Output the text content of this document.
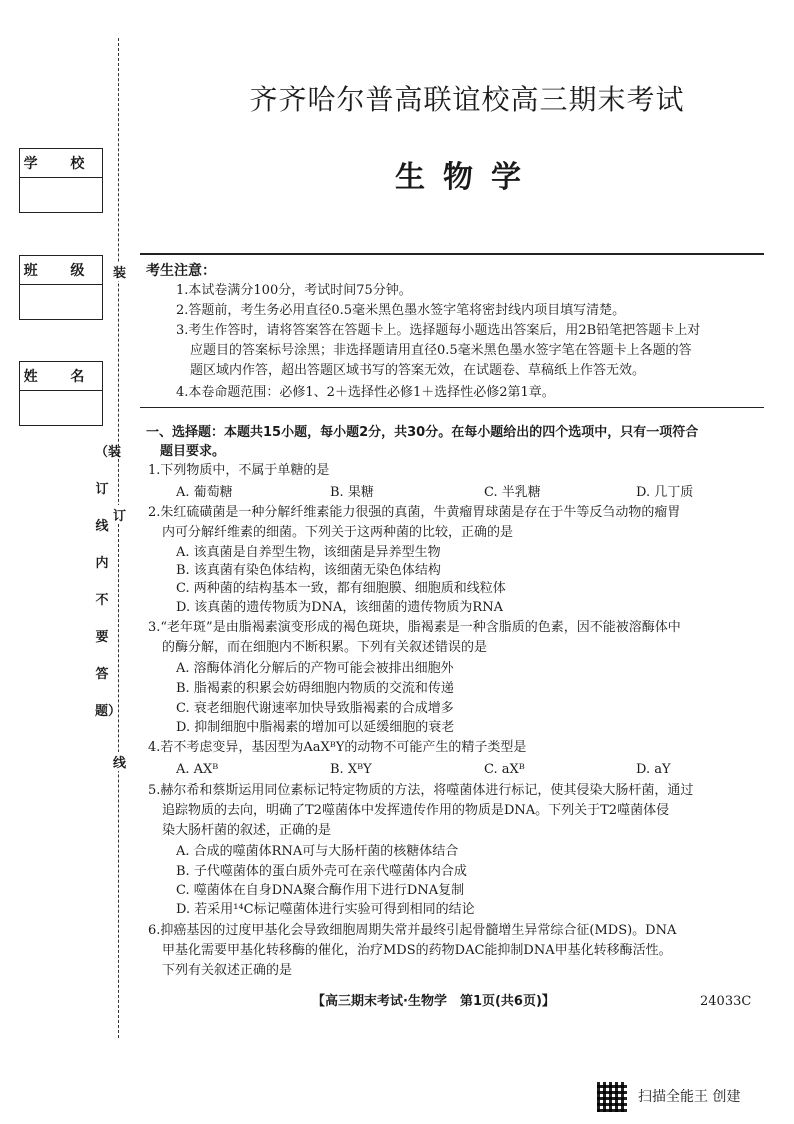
学 校
班 级
姓 名
装
订
线
（装订线内不要答题）
齐齐哈尔普高联谊校高三期末考试
生物学
考生注意：
1.本试卷满分100分，考试时间75分钟。
2.答题前，考生务必用直径0.5毫米黑色墨水签字笔将密封线内项目填写清楚。
3.考生作答时，请将答案答在答题卡上。选择题每小题选出答案后，用2B铅笔把答题卡上对
应题目的答案标号涂黑；非选择题请用直径0.5毫米黑色墨水签字笔在答题卡上各题的答
题区域内作答，超出答题区域书写的答案无效，在试题卷、草稿纸上作答无效。
4.本卷命题范围：必修1、2＋选择性必修1＋选择性必修2第1章。
一、选择题：本题共15小题，每小题2分，共30分。在每小题给出的四个选项中，只有一项符合
题目要求。
1.下列物质中，不属于单糖的是
A. 葡萄糖	B. 果糖	C. 半乳糖	D. 几丁质
2.朱红硫磺菌是一种分解纤维素能力很强的真菌，牛黄瘤胃球菌是存在于牛等反刍动物的瘤胃
内可分解纤维素的细菌。下列关于这两种菌的比较，正确的是
A. 该真菌是自养型生物，该细菌是异养型生物
B. 该真菌有染色体结构，该细菌无染色体结构
C. 两种菌的结构基本一致，都有细胞膜、细胞质和线粒体
D. 该真菌的遗传物质为DNA，该细菌的遗传物质为RNA
3.“老年斑”是由脂褐素演变形成的褐色斑块，脂褐素是一种含脂质的色素，因不能被溶酶体中
的酶分解，而在细胞内不断积累。下列有关叙述错误的是
A. 溶酶体消化分解后的产物可能会被排出细胞外
B. 脂褐素的积累会妨碍细胞内物质的交流和传递
C. 衰老细胞代谢速率加快导致脂褐素的合成增多
D. 抑制细胞中脂褐素的增加可以延缓细胞的衰老
4.若不考虑变异，基因型为AaXᴮY的动物不可能产生的精子类型是
A. AXᴮ	B. XᴮY	C. aXᴮ	D. aY
5.赫尔希和蔡斯运用同位素标记特定物质的方法，将噬菌体进行标记，使其侵染大肠杆菌，通过
追踪物质的去向，明确了T2噬菌体中发挥遗传作用的物质是DNA。下列关于T2噬菌体侵
染大肠杆菌的叙述，正确的是
A. 合成的噬菌体RNA可与大肠杆菌的核糖体结合
B. 子代噬菌体的蛋白质外壳可在亲代噬菌体内合成
C. 噬菌体在自身DNA聚合酶作用下进行DNA复制
D. 若采用¹⁴C标记噬菌体进行实验可得到相同的结论
6.抑癌基因的过度甲基化会导致细胞周期失常并最终引起骨髓增生异常综合征(MDS)。DNA
甲基化需要甲基化转移酶的催化，治疗MDS的药物DAC能抑制DNA甲基化转移酶活性。
下列有关叙述正确的是
【高三期末考试·生物学　第1页(共6页)】	24033C
扫描全能王 创建
